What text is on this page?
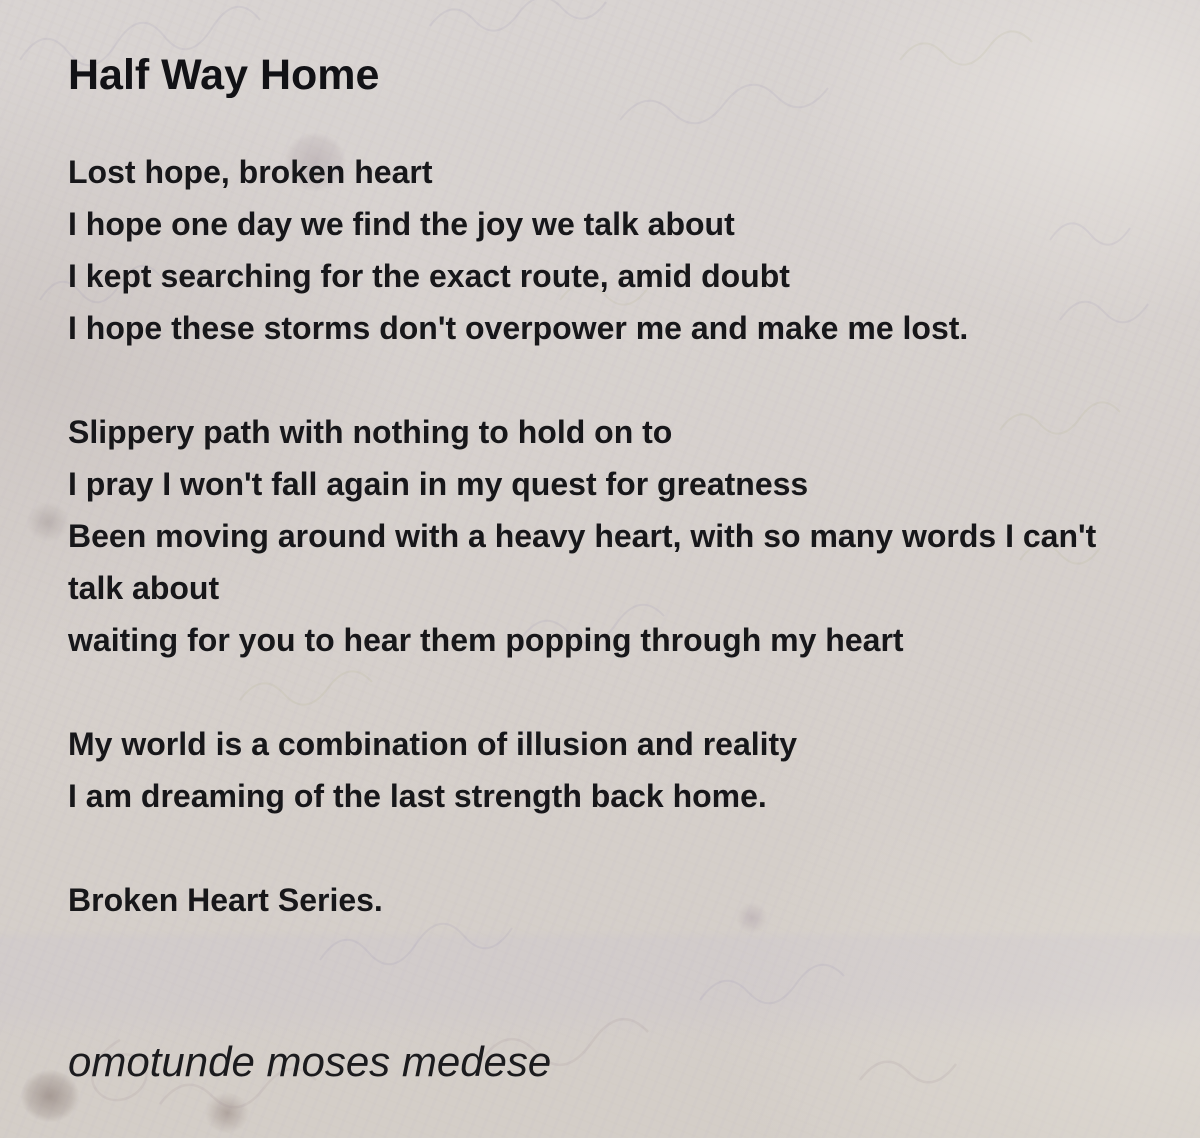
Half Way Home
Lost hope, broken heart
I hope one day we find the joy we talk about
I kept searching for the exact route, amid doubt
I hope these storms don't overpower me and make me lost.
Slippery path with nothing to hold on to
I pray I won't fall again in my quest for greatness
Been moving around with a heavy heart, with so many words I can't talk about
waiting for you to hear them popping through my heart
My world is a combination of illusion and reality
I am dreaming of the last strength back home.
Broken Heart Series.
omotunde moses medese
